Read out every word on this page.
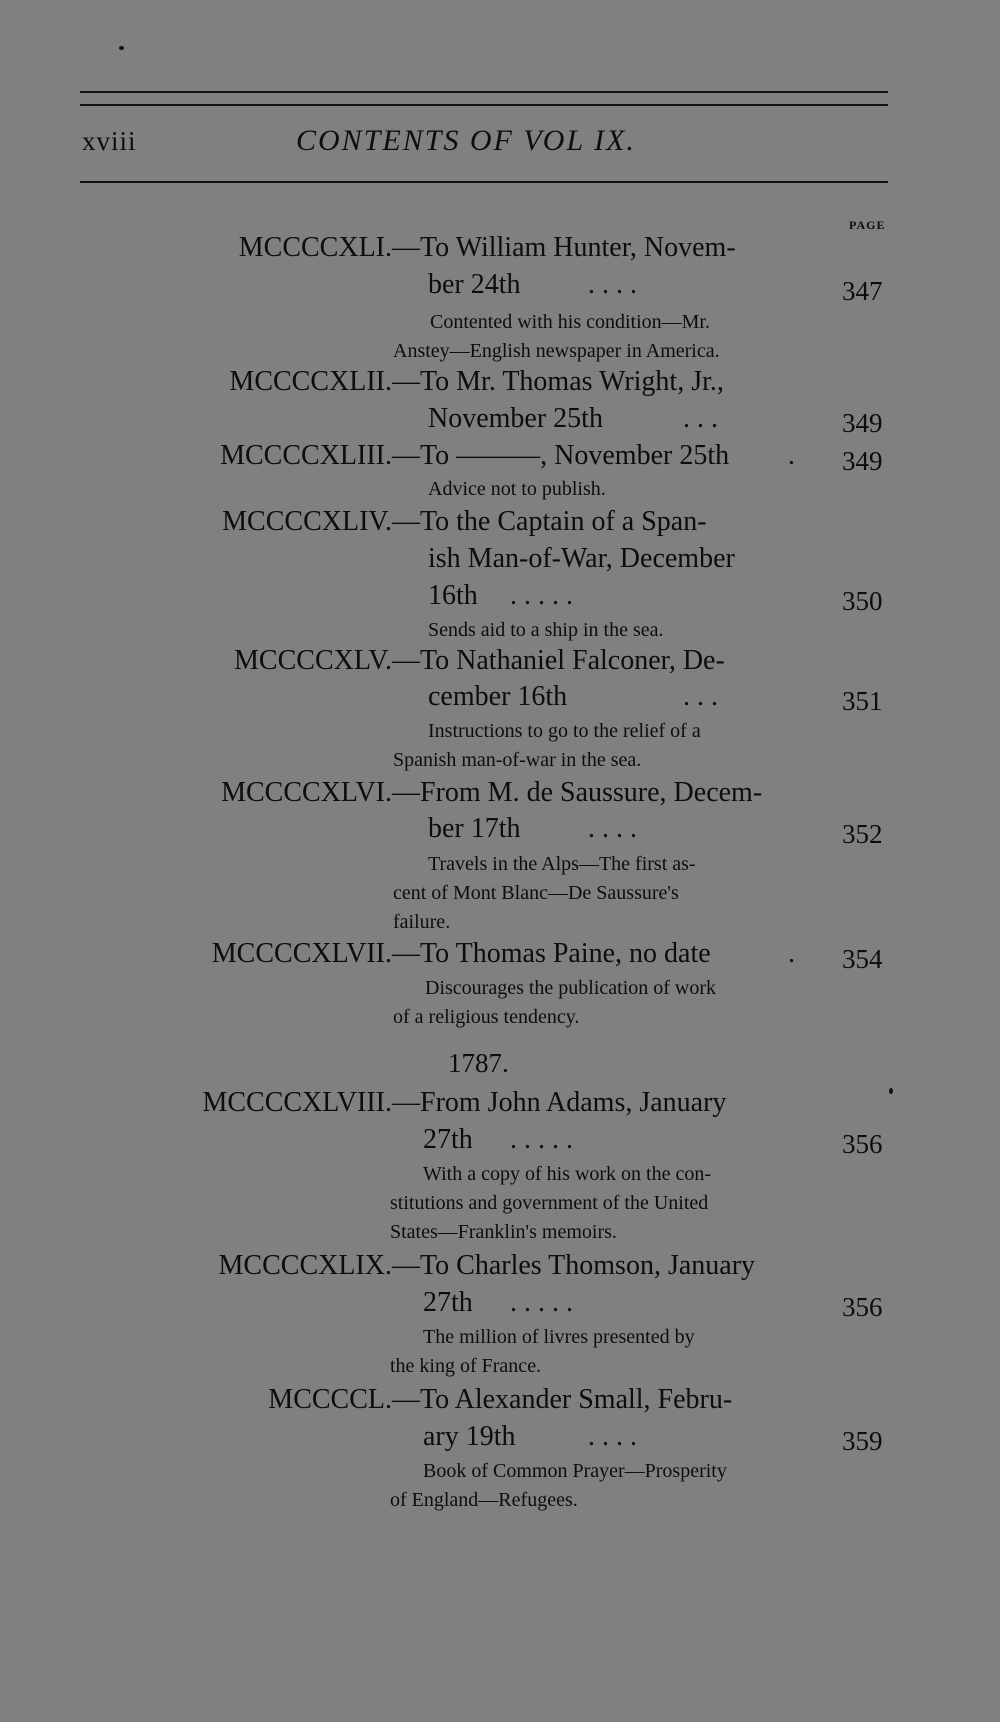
xviii	CONTENTS OF VOL IX.
PAGE
MCCCCXLI. —To William Hunter, Novem-
ber 24th . . . .	347
Contented with his condition—Mr.
Anstey—English newspaper in America.
MCCCCXLII. —To Mr. Thomas Wright, Jr.,
November 25th	. . .	349
MCCCCXLIII. —To ———, November 25th . 349
Advice not to publish.
MCCCCXLIV. —To the Captain of a Span-
ish Man-of-War, December
16th . . . . .	350
Sends aid to a ship in the sea.
MCCCCXLV. —To Nathaniel Falconer, De-
cember 16th	. . .	351
Instructions to go to the relief of a
Spanish man-of-war in the sea.
MCCCCXLVI. —From M. de Saussure, Decem-
ber 17th . . . .	352
Travels in the Alps—The first as-
cent of Mont Blanc—De Saussure's
failure.
MCCCCXLVII. —To Thomas Paine, no date	. 354
Discourages the publication of work
of a religious tendency.
1787.
MCCCCXLVIII. —From John Adams, January
27th . . . . .	356
With a copy of his work on the con-
stitutions and government of the United
States—Franklin's memoirs.
MCCCCXLIX. —To Charles Thomson, January
27th . . . . .	356
The million of livres presented by
the king of France.
MCCCCL. —To Alexander Small, Febru-
ary 19th	. . . .	359
Book of Common Prayer—Prosperity
of England—Refugees.
